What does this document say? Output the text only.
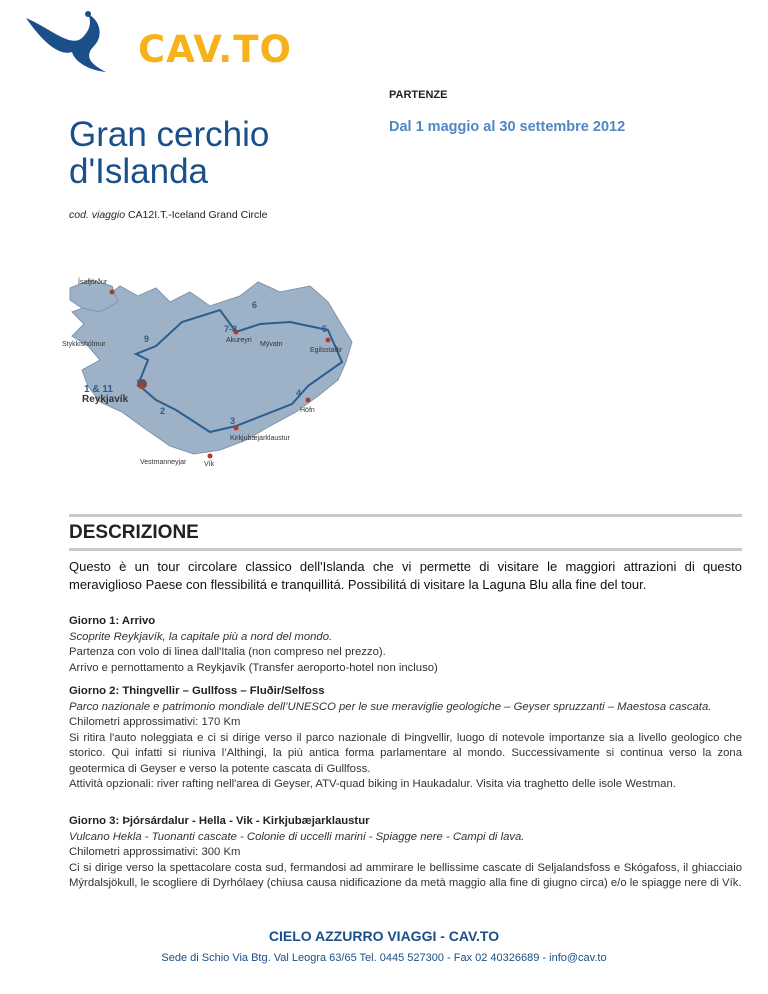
CAV.TO
PARTENZE
Dal 1 maggio al 30 settembre 2012
Gran cerchio d'Islanda
cod. viaggio CA12I.T.-Iceland Grand Circle
Ísafjörður
Akureyri
Mývatn
Egilsstaðir
Stykkishólmur
Reykjavík
Höfn
Kirkjubæjarklaustur
Vestmanneyjar	Vík
6
7-8	5
9
10
1 & 11	4
2
3
DESCRIZIONE
Questo è un tour circolare classico dell'Islanda che vi permette di visitare le maggiori attrazioni di questo meraviglioso Paese con flessibilitá e tranquillitá. Possibilitá di visitare la Laguna Blu alla fine del tour.
Giorno 1: Arrivo
Scoprite Reykjavík, la capitale più a nord del mondo.
Partenza con volo di linea dall'Italia (non compreso nel prezzo).
Arrivo e pernottamento a Reykjavík (Transfer aeroporto-hotel non incluso)
Giorno 2: Thingvellir – Gullfoss – Fluðir/Selfoss
Parco nazionale e patrimonio mondiale dell’UNESCO per le sue meraviglie geologiche – Geyser spruzzanti – Maestosa cascata.
Chilometri approssimativi: 170 Km
Si ritira l'auto noleggiata e ci si dirige verso il parco nazionale di Þingvellir, luogo di notevole importanze sia a livello geologico che storico. Qui infatti si riuniva l’Althingi, la più antica forma parlamentare al mondo. Successivamente si continua verso la zona geotermica di Geyser e verso la potente cascata di Gullfoss.
Attività opzionali: river rafting nell'area di Geyser, ATV-quad biking in Haukadalur. Visita via traghetto delle isole Westman.
Giorno 3: Þjórsárdalur - Hella - Vik - Kirkjubæjarklaustur
Vulcano Hekla - Tuonanti cascate - Colonie di uccelli marini - Spiagge nere - Campi di lava.
Chilometri approssimativi: 300 Km
Ci si dirige verso la spettacolare costa sud, fermandosi ad ammirare le bellissime cascate di Seljalandsfoss e Skógafoss, il ghiacciaio Mýrdalsjökull, le scogliere di Dyrhólaey (chiusa causa nidificazione da metà maggio alla fine di giugno circa) e/o le spiagge nere di Vík.
CIELO AZZURRO VIAGGI - CAV.TO
Sede di Schio Via Btg. Val Leogra 63/65 Tel. 0445 527300 - Fax 02 40326689 - info@cav.to
